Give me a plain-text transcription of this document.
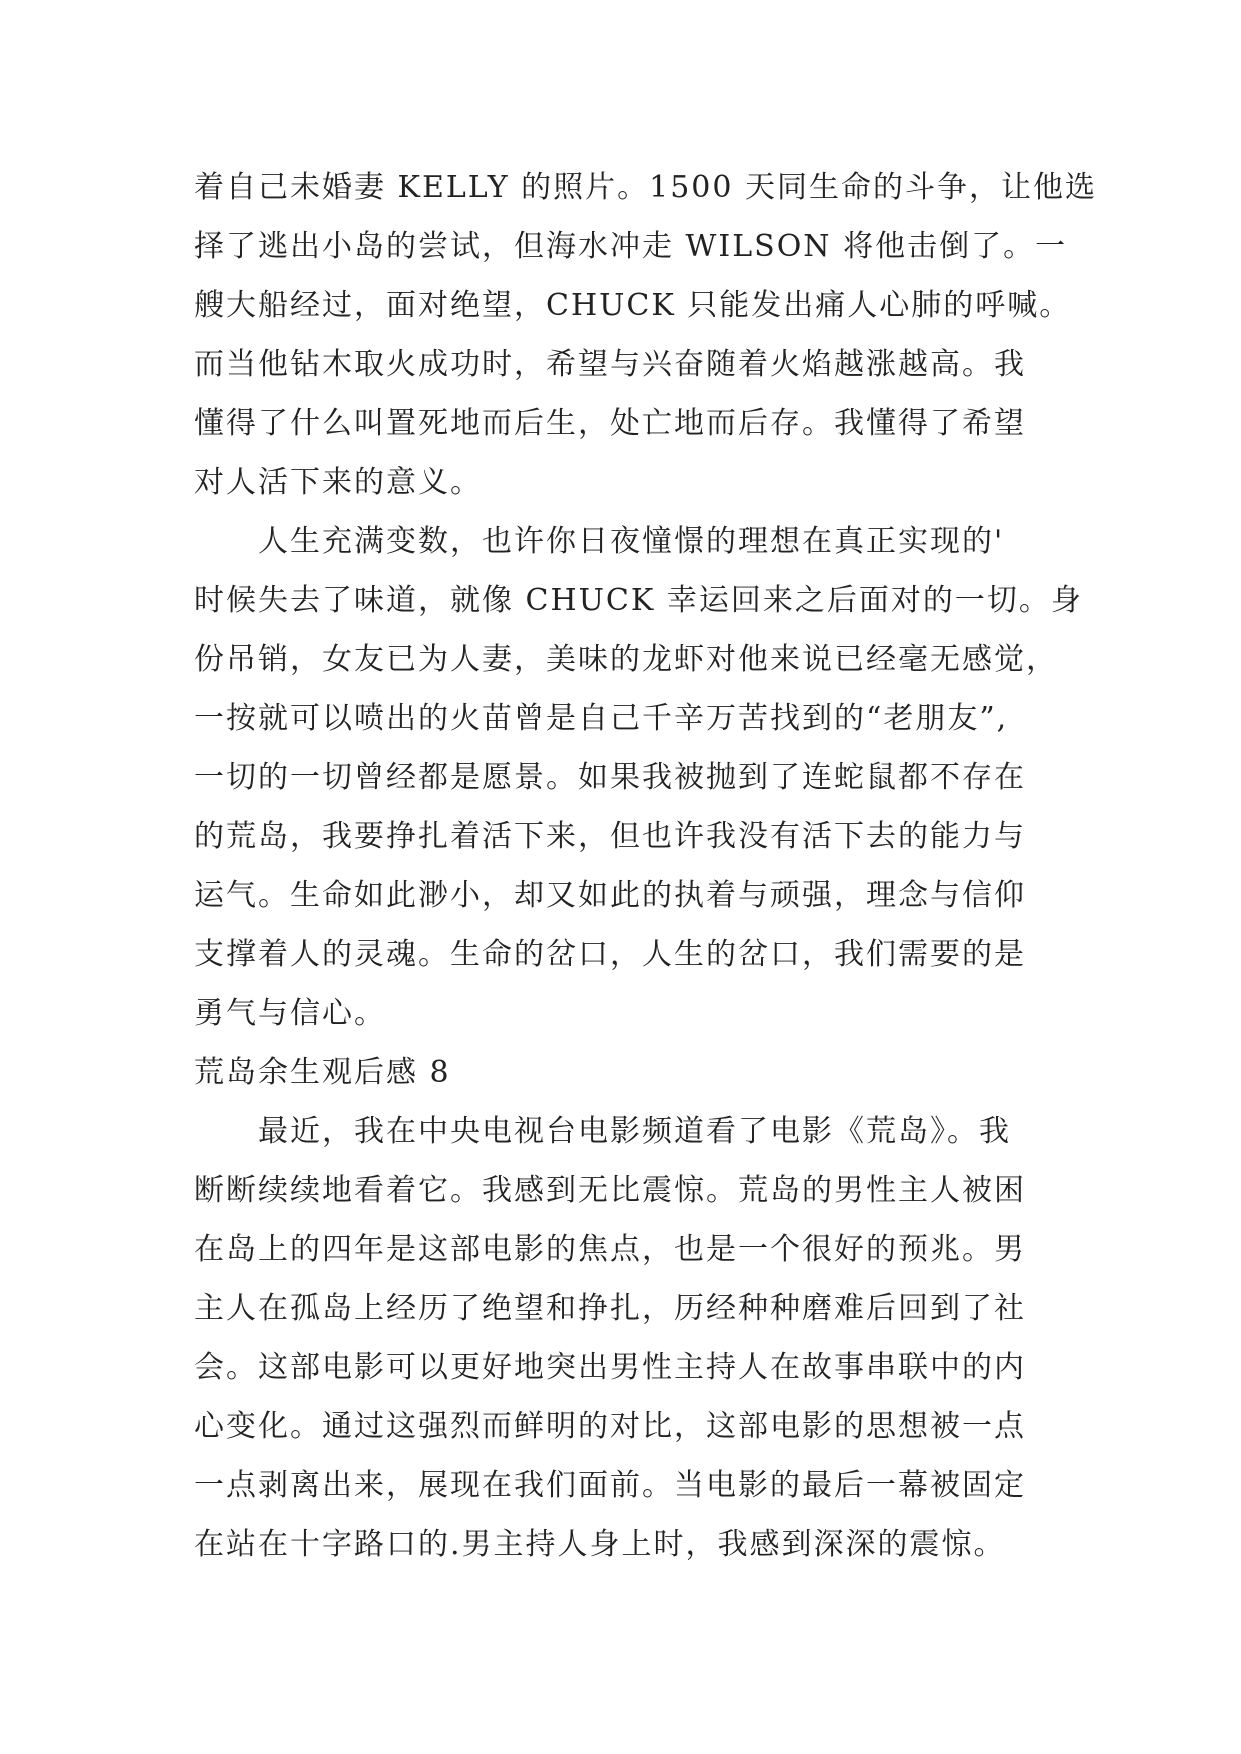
着自己未婚妻 KELLY 的照片。1500 天同生命的斗争，让他选
择了逃出小岛的尝试，但海水冲走 WILSON 将他击倒了。一
艘大船经过，面对绝望，CHUCK 只能发出痛人心肺的呼喊。
而当他钻木取火成功时，希望与兴奋随着火焰越涨越高。我
懂得了什么叫置死地而后生，处亡地而后存。我懂得了希望
对人活下来的意义。
人生充满变数，也许你日夜憧憬的理想在真正实现的'
时候失去了味道，就像 CHUCK 幸运回来之后面对的一切。身
份吊销，女友已为人妻，美味的龙虾对他来说已经毫无感觉，
一按就可以喷出的火苗曾是自己千辛万苦找到的“老朋友”,
一切的一切曾经都是愿景。如果我被抛到了连蛇鼠都不存在
的荒岛，我要挣扎着活下来，但也许我没有活下去的能力与
运气。生命如此渺小，却又如此的执着与顽强，理念与信仰
支撑着人的灵魂。生命的岔口，人生的岔口，我们需要的是
勇气与信心。
荒岛余生观后感 8
最近，我在中央电视台电影频道看了电影《荒岛》。我
断断续续地看着它。我感到无比震惊。荒岛的男性主人被困
在岛上的四年是这部电影的焦点，也是一个很好的预兆。男
主人在孤岛上经历了绝望和挣扎，历经种种磨难后回到了社
会。这部电影可以更好地突出男性主持人在故事串联中的内
心变化。通过这强烈而鲜明的对比，这部电影的思想被一点
一点剥离出来，展现在我们面前。当电影的最后一幕被固定
在站在十字路口的.男主持人身上时，我感到深深的震惊。
